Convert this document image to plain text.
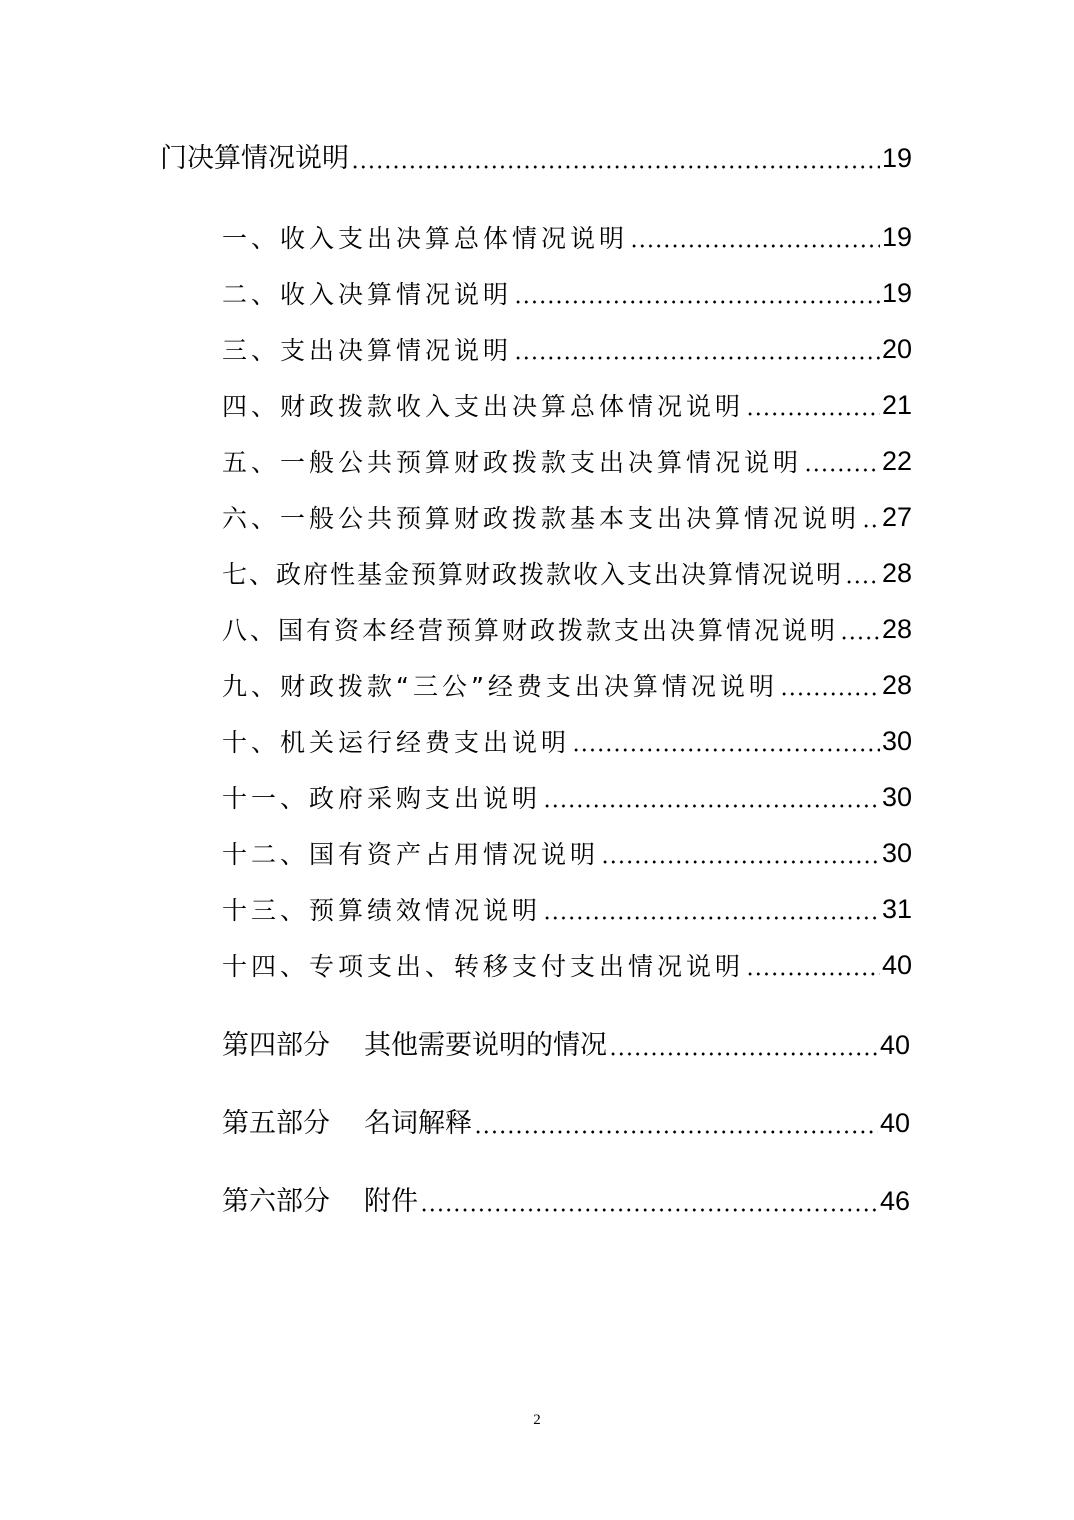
门决算情况说明	19
一、收入支出决算总体情况说明	19
二、收入决算情况说明	19
三、支出决算情况说明	20
四、财政拨款收入支出决算总体情况说明	21
五、一般公共预算财政拨款支出决算情况说明	22
六、一般公共预算财政拨款基本支出决算情况说明 27
七、政府性基金预算财政拨款收入支出决算情况说明 28
八、国有资本经营预算财政拨款支出决算情况说明 28
九、财政拨款“三公”经费支出决算情况说明	28
十、机关运行经费支出说明	30
十一、政府采购支出说明	30
十二、国有资产占用情况说明	30
十三、预算绩效情况说明	31
十四、专项支出、转移支付支出情况说明	40
第四部分 其他需要说明的情况	40
第五部分 名词解释	40
第六部分 附件	46
2
